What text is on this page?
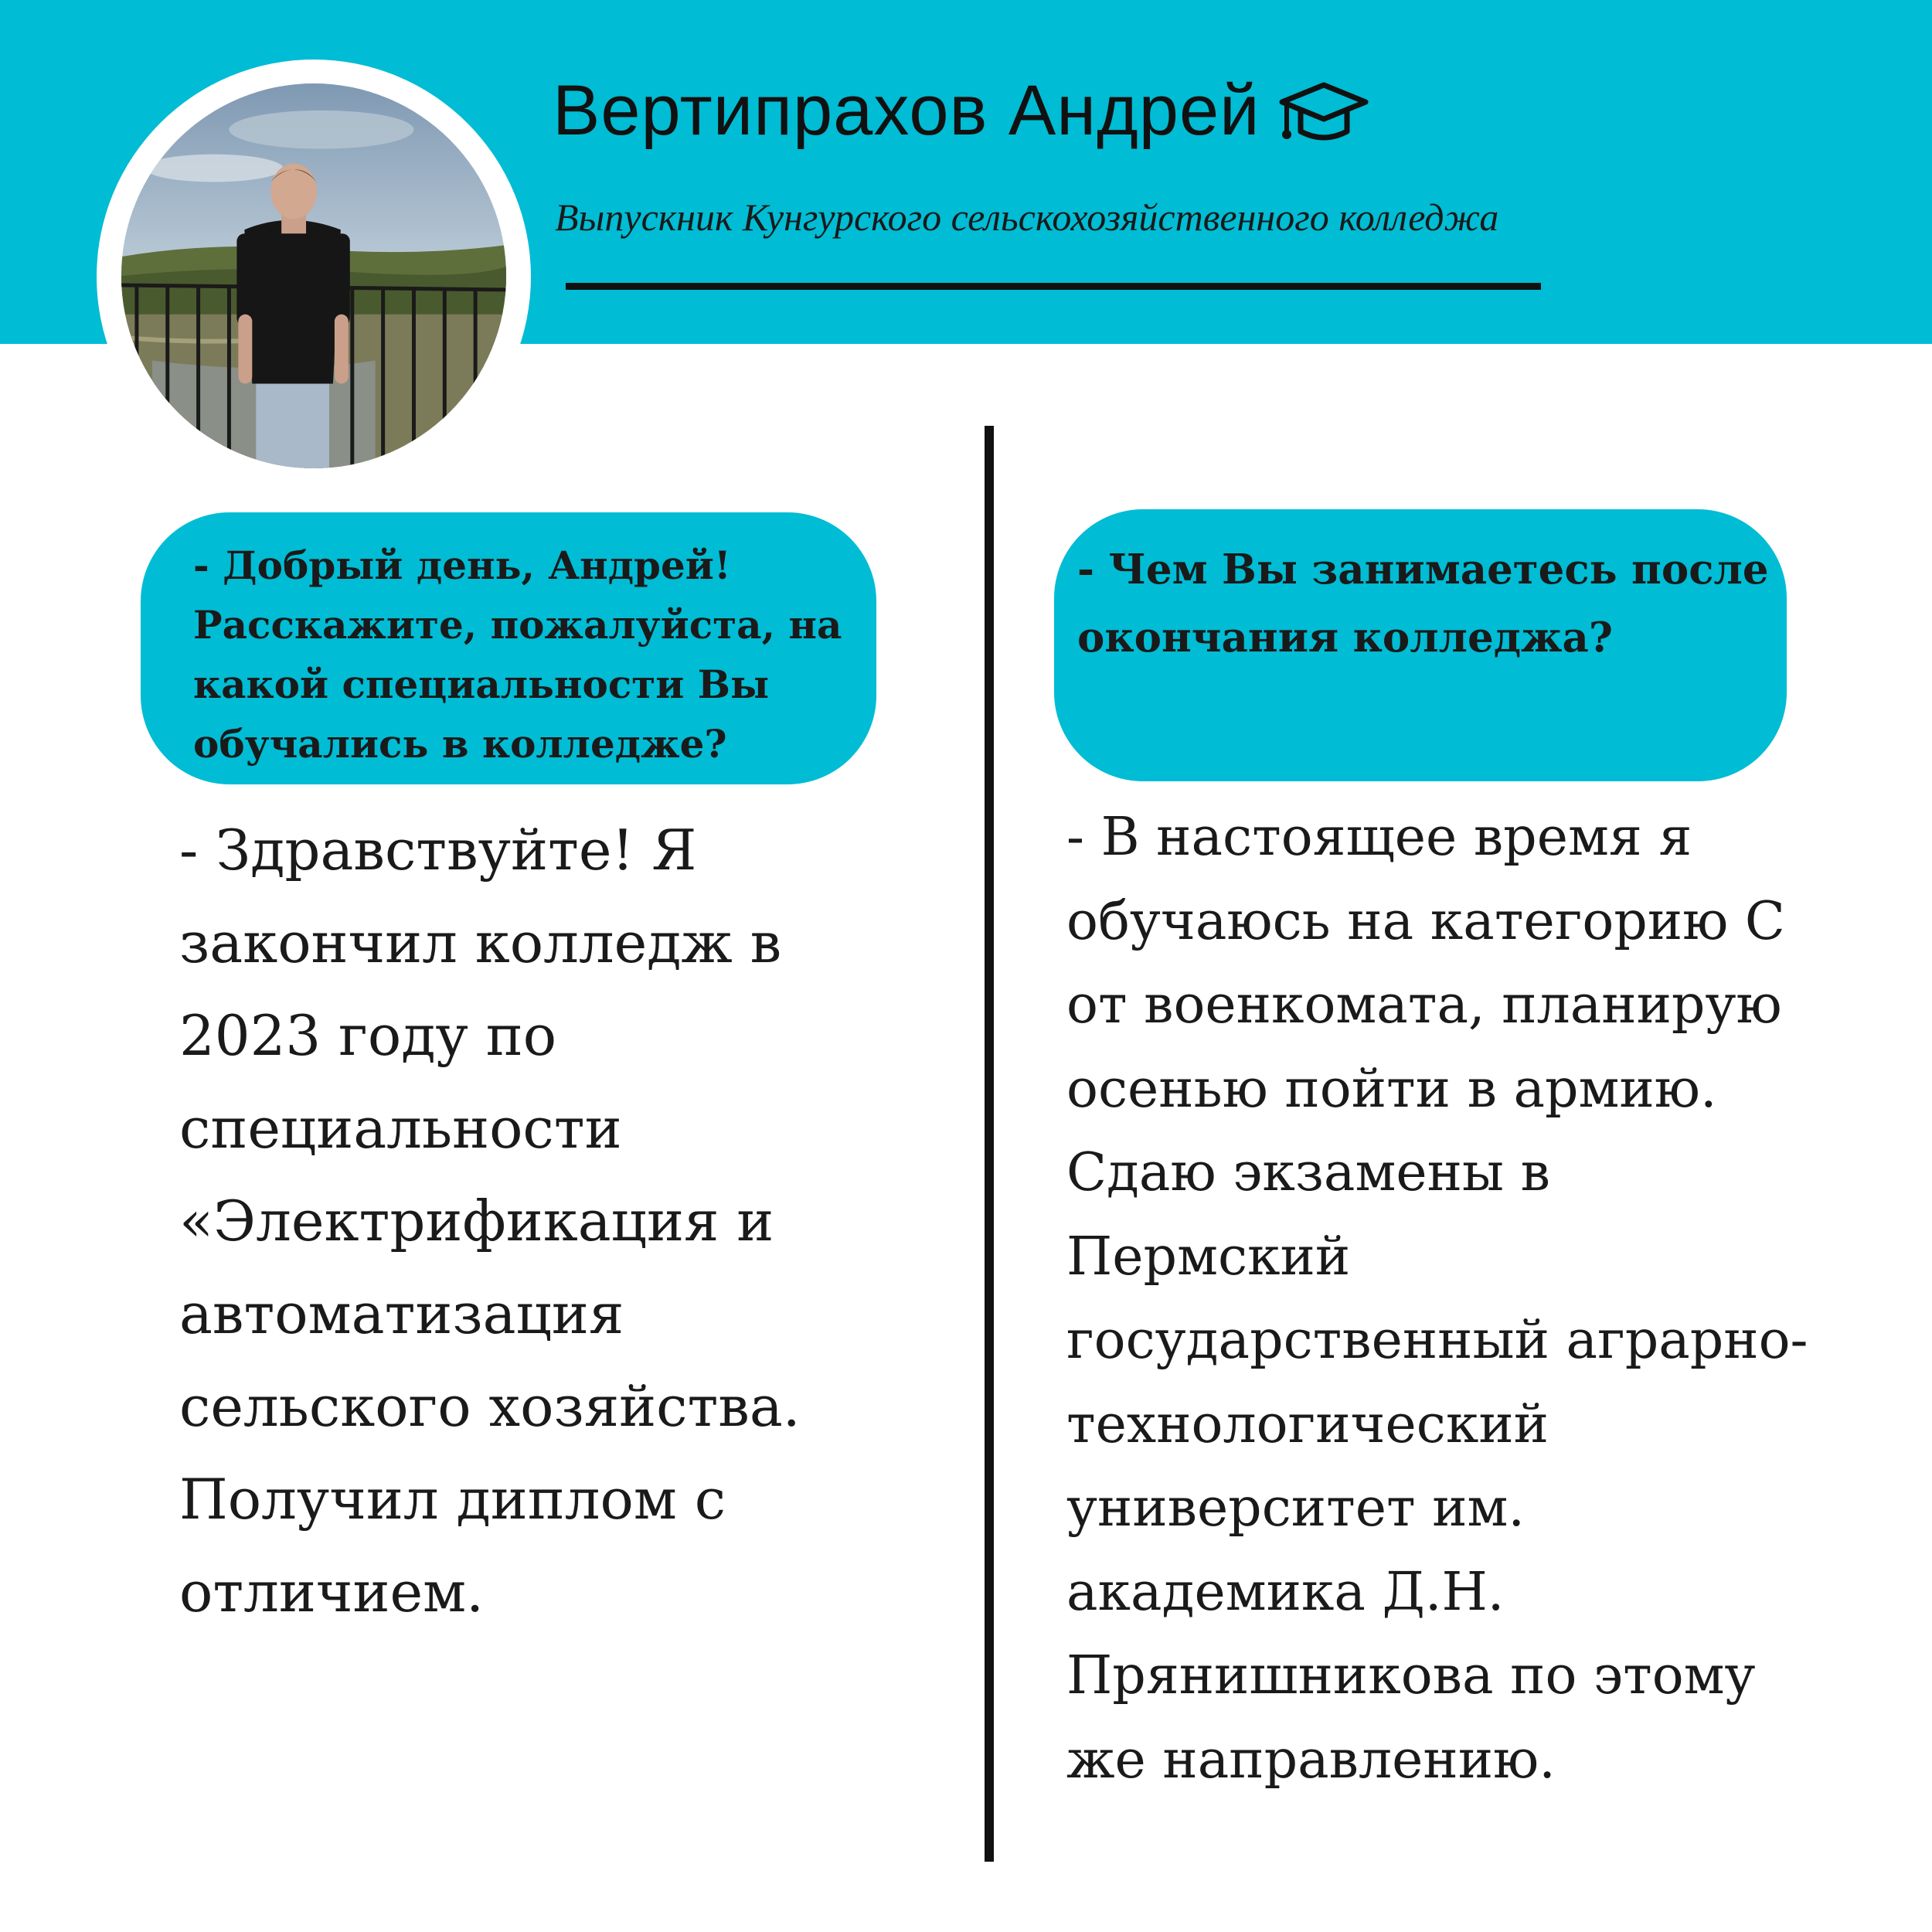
Вертипрахов Андрей
Выпускник Кунгурского сельскохозяйственного колледжа
- Добрый день, Андрей!
Расскажите, пожалуйста, на
какой специальности Вы
обучались в колледже?
- Чем Вы занимаетесь после
окончания колледжа?
- Здравствуйте! Я
закончил колледж в
2023 году по
специальности
«Электрификация и
автоматизация
сельского хозяйства.
Получил диплом с
отличием.
- В настоящее время я
обучаюсь на категорию С
от военкомата, планирую
осенью пойти в армию.
Сдаю экзамены в
Пермский
государственный аграрно-
технологический
университет им.
академика Д.Н.
Прянишникова по этому
же направлению.
